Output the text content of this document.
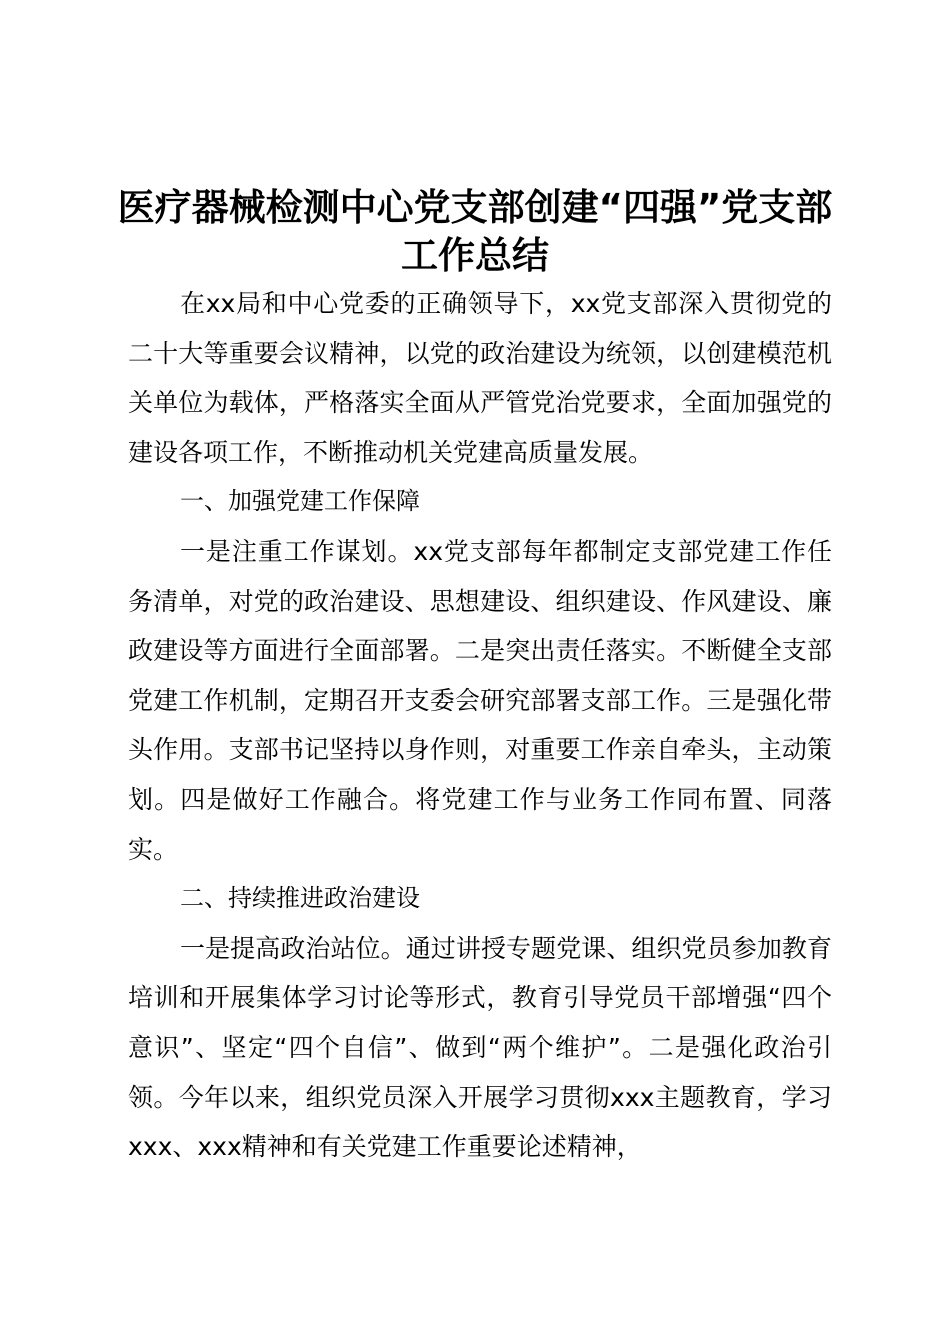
医疗器械检测中心党支部创建“四强”党支部
工作总结

在xx局和中心党委的正确领导下，xx党支部深入贯彻党的二十大等重要会议精神，以党的政治建设为统领，以创建模范机关单位为载体，严格落实全面从严管党治党要求，全面加强党的建设各项工作，不断推动机关党建高质量发展。

一、加强党建工作保障

一是注重工作谋划。xx党支部每年都制定支部党建工作任务清单，对党的政治建设、思想建设、组织建设、作风建设、廉政建设等方面进行全面部署。二是突出责任落实。不断健全支部党建工作机制，定期召开支委会研究部署支部工作。三是强化带头作用。支部书记坚持以身作则，对重要工作亲自牵头，主动策划。四是做好工作融合。将党建工作与业务工作同布置、同落实。

二、持续推进政治建设

一是提高政治站位。通过讲授专题党课、组织党员参加教育培训和开展集体学习讨论等形式，教育引导党员干部增强“四个意识”、坚定“四个自信”、做到“两个维护”。二是强化政治引领。今年以来，组织党员深入开展学习贯彻xxx主题教育，学习xxx、xxx精神和有关党建工作重要论述精神，
